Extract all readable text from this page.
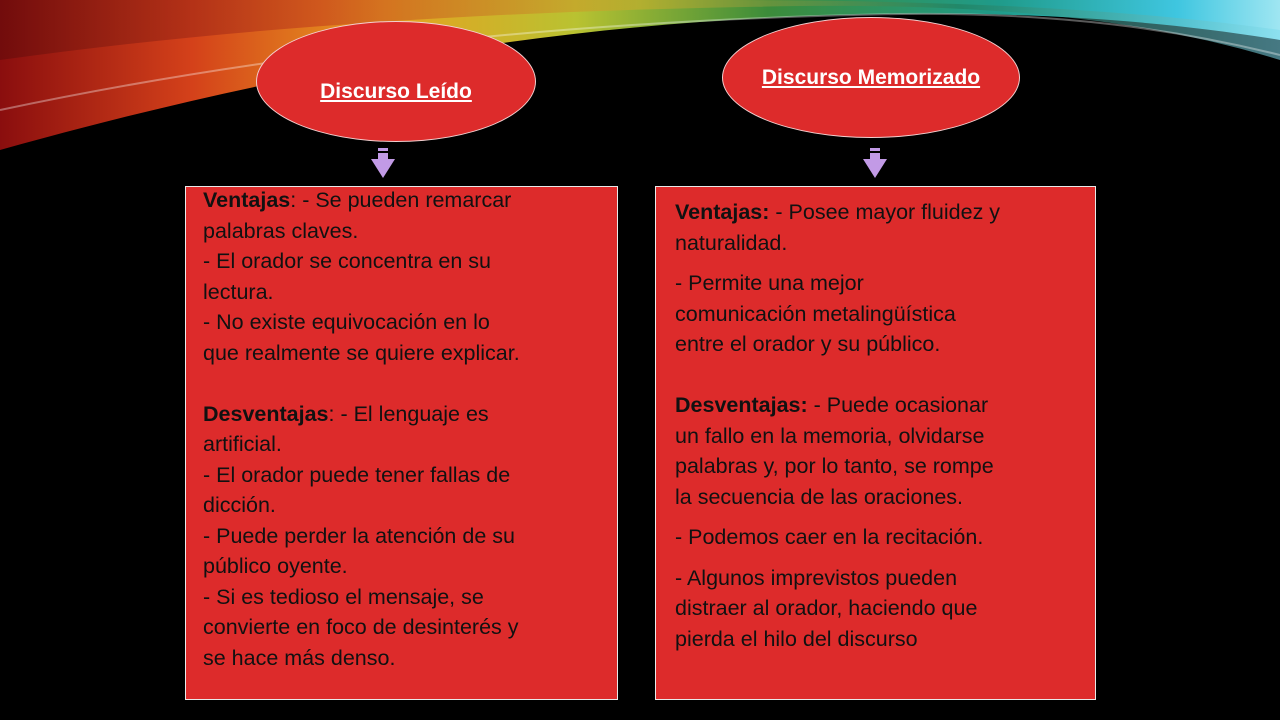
Discurso Leído
Discurso Memorizado
Ventajas: - Se pueden remarcar
palabras claves.
- El orador se concentra en su
lectura.
- No existe equivocación en lo
que realmente se quiere explicar.
Desventajas: - El lenguaje es
artificial.
- El orador puede tener fallas de
dicción.
- Puede perder la atención de su
público oyente.
- Si es tedioso el mensaje, se
convierte en foco de desinterés y
se hace más denso.
Ventajas: - Posee mayor fluidez y
naturalidad.
- Permite una mejor
comunicación metalingüística
entre el orador y su público.
Desventajas: - Puede ocasionar
un fallo en la memoria, olvidarse
palabras y, por lo tanto, se rompe
la secuencia de las oraciones.
- Podemos caer en la recitación.
- Algunos imprevistos pueden
distraer al orador, haciendo que
pierda el hilo del discurso
